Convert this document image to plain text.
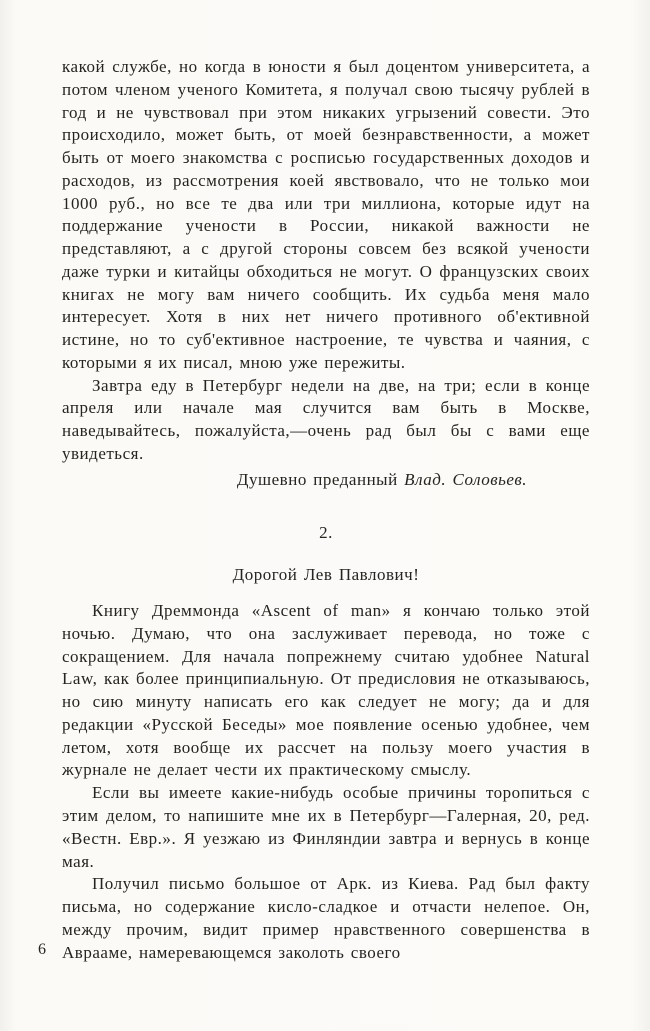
какой службе, но когда в юности я был доцентом университета, а потом членом ученого Комитета, я получал свою тысячу рублей в год и не чувствовал при этом никаких угрызений совести. Это происходило, может быть, от моей безнравственности, а может быть от моего знакомства с росписью государственных доходов и расходов, из рассмотрения коей явствовало, что не только мои 1000 руб., но все те два или три миллиона, которые идут на поддержание учености в России, никакой важности не представляют, а с другой стороны совсем без всякой учености даже турки и китайцы обходиться не могут. О французских своих книгах не могу вам ничего сообщить. Их судьба меня мало интересует. Хотя в них нет ничего противного об'ективной истине, но то суб'ективное настроение, те чувства и чаяния, с которыми я их писал, мною уже пережиты.

Завтра еду в Петербург недели на две, на три; если в конце апреля или начале мая случится вам быть в Москве, наведывайтесь, пожалуйста,—очень рад был бы с вами еще увидеться.

Душевно преданный Влад. Соловьев.

2.

Дорогой Лев Павлович!

Книгу Дреммонда «Ascent of man» я кончаю только этой ночью. Думаю, что она заслуживает перевода, но тоже с сокращением. Для начала попрежнему считаю удобнее Natural Law, как более принципиальную. От предисловия не отказываюсь, но сию минуту написать его как следует не могу; да и для редакции «Русской Беседы» мое появление осенью удобнее, чем летом, хотя вообще их рассчет на пользу моего участия в журнале не делает чести их практическому смыслу.

Если вы имеете какие-нибудь особые причины торопиться с этим делом, то напишите мне их в Петербург—Галерная, 20, ред. «Вестн. Евр.». Я уезжаю из Финляндии завтра и вернусь в конце мая.

Получил письмо большое от Арк. из Киева. Рад был факту письма, но содержание кисло-сладкое и отчасти нелепое. Он, между прочим, видит пример нравственного совершенства в Аврааме, намеревающемся заколоть своего

6
